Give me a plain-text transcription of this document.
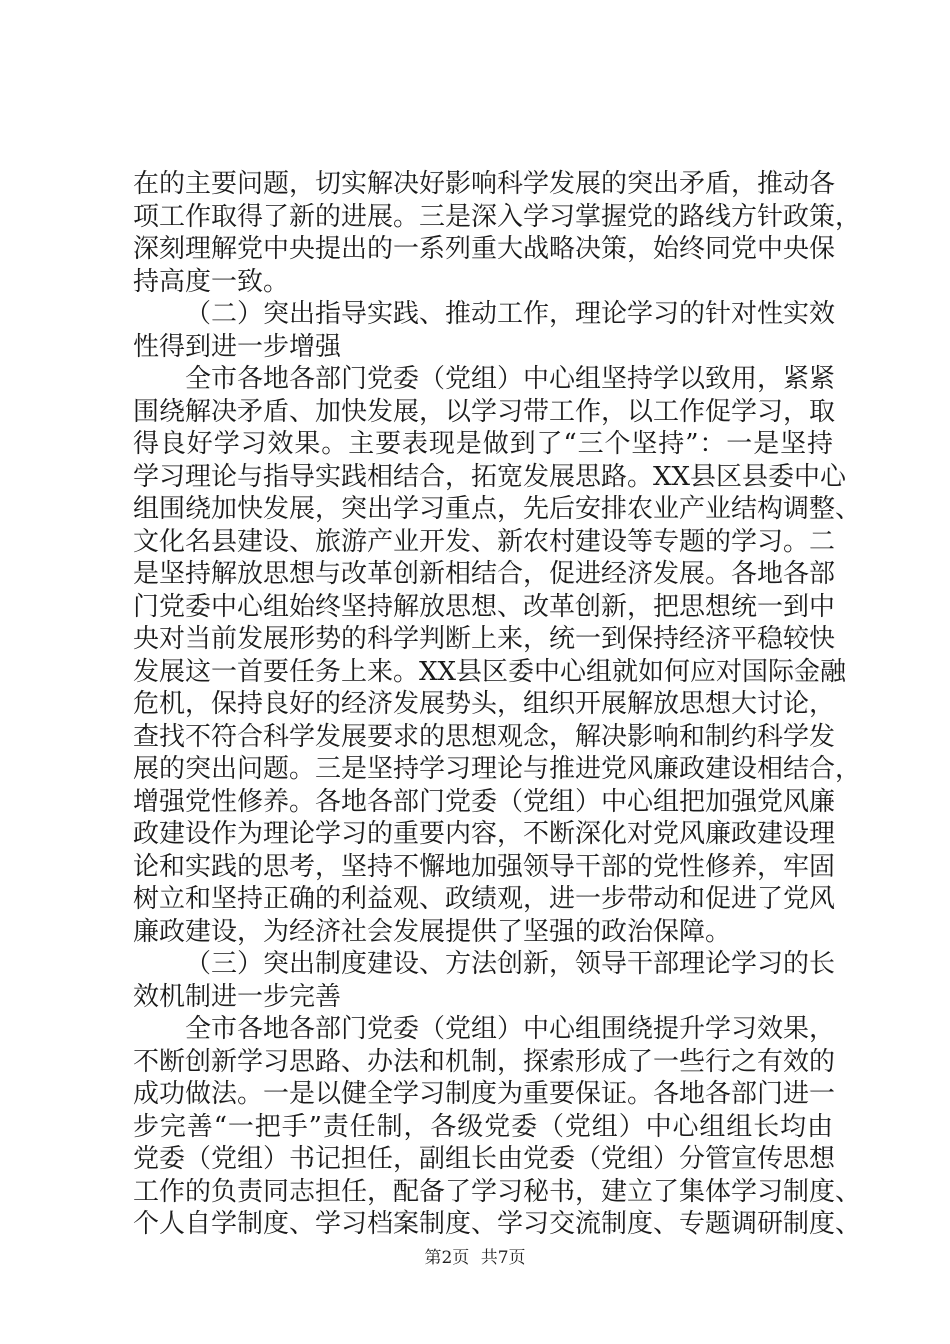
在的主要问题，切实解决好影响科学发展的突出矛盾，推动各
项工作取得了新的进展。三是深入学习掌握党的路线方针政策，
深刻理解党中央提出的一系列重大战略决策，始终同党中央保
持高度一致。
（二）突出指导实践、推动工作，理论学习的针对性实效
性得到进一步增强
全市各地各部门党委（党组）中心组坚持学以致用，紧紧
围绕解决矛盾、加快发展，以学习带工作，以工作促学习，取
得良好学习效果。主要表现是做到了“三个坚持”：一是坚持
学习理论与指导实践相结合，拓宽发展思路。XX县区县委中心
组围绕加快发展，突出学习重点，先后安排农业产业结构调整、
文化名县建设、旅游产业开发、新农村建设等专题的学习。二
是坚持解放思想与改革创新相结合，促进经济发展。各地各部
门党委中心组始终坚持解放思想、改革创新，把思想统一到中
央对当前发展形势的科学判断上来，统一到保持经济平稳较快
发展这一首要任务上来。XX县区委中心组就如何应对国际金融
危机，保持良好的经济发展势头，组织开展解放思想大讨论，
查找不符合科学发展要求的思想观念，解决影响和制约科学发
展的突出问题。三是坚持学习理论与推进党风廉政建设相结合，
增强党性修养。各地各部门党委（党组）中心组把加强党风廉
政建设作为理论学习的重要内容，不断深化对党风廉政建设理
论和实践的思考，坚持不懈地加强领导干部的党性修养，牢固
树立和坚持正确的利益观、政绩观，进一步带动和促进了党风
廉政建设，为经济社会发展提供了坚强的政治保障。
（三）突出制度建设、方法创新，领导干部理论学习的长
效机制进一步完善
全市各地各部门党委（党组）中心组围绕提升学习效果，
不断创新学习思路、办法和机制，探索形成了一些行之有效的
成功做法。一是以健全学习制度为重要保证。各地各部门进一
步完善“一把手”责任制，各级党委（党组）中心组组长均由
党委（党组）书记担任，副组长由党委（党组）分管宣传思想
工作的负责同志担任，配备了学习秘书，建立了集体学习制度、
个人自学制度、学习档案制度、学习交流制度、专题调研制度、
第2页 共7页
